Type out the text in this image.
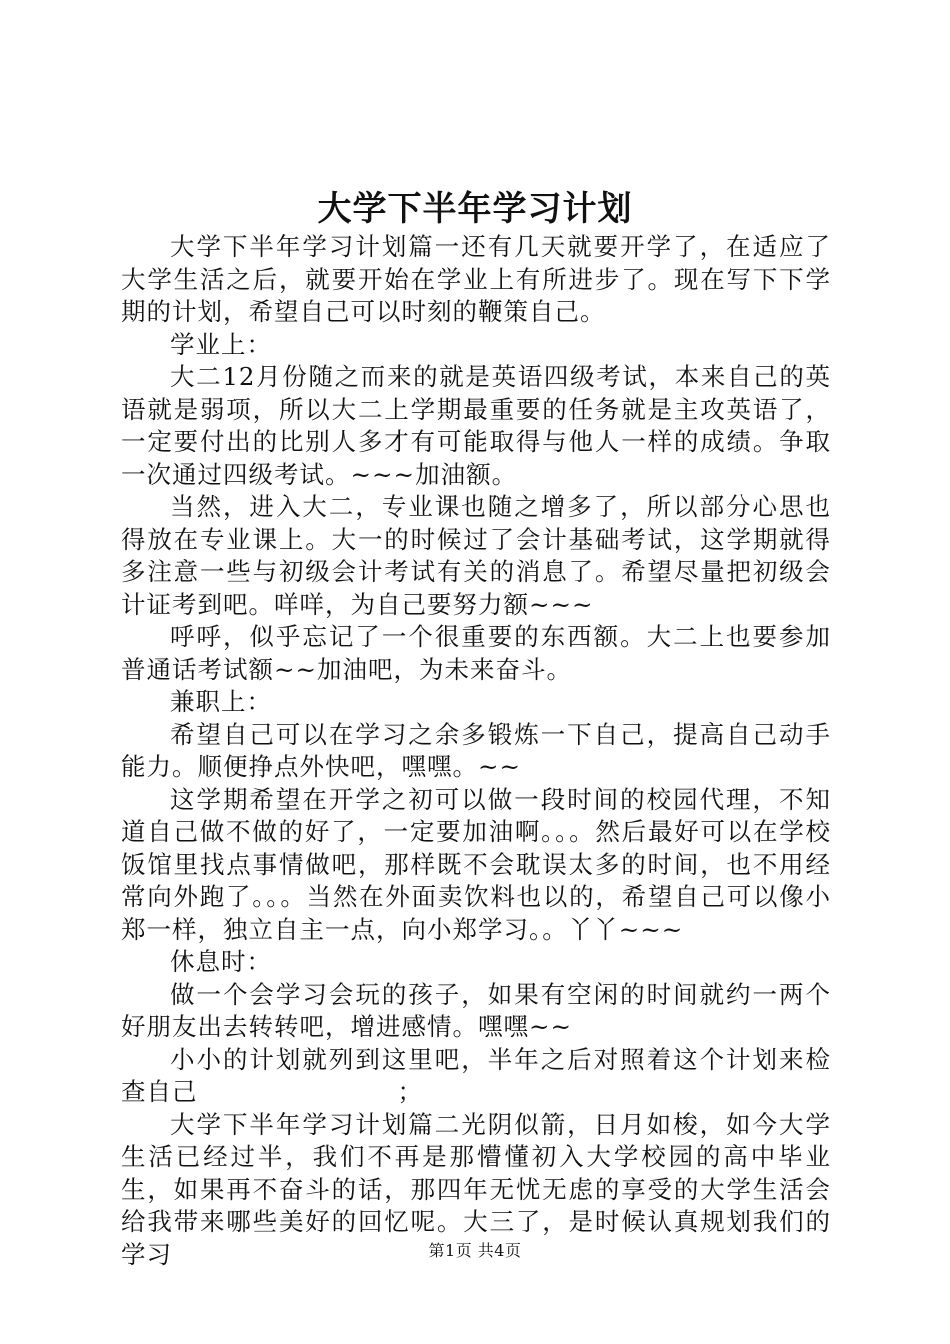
大学下半年学习计划

大学下半年学习计划篇一还有几天就要开学了，在适应了大学生活之后，就要开始在学业上有所进步了。现在写下下学期的计划，希望自己可以时刻的鞭策自己。

学业上：

大二12月份随之而来的就是英语四级考试，本来自己的英语就是弱项，所以大二上学期最重要的任务就是主攻英语了，一定要付出的比别人多才有可能取得与他人一样的成绩。争取一次通过四级考试。~~~加油额。

当然，进入大二，专业课也随之增多了，所以部分心思也得放在专业课上。大一的时候过了会计基础考试，这学期就得多注意一些与初级会计考试有关的消息了。希望尽量把初级会计证考到吧。咩咩，为自己要努力额~~~

呼呼，似乎忘记了一个很重要的东西额。大二上也要参加普通话考试额~~加油吧，为未来奋斗。

兼职上：

希望自己可以在学习之余多锻炼一下自己，提高自己动手能力。顺便挣点外快吧，嘿嘿。~~

这学期希望在开学之初可以做一段时间的校园代理，不知道自己做不做的好了，一定要加油啊。。。然后最好可以在学校饭馆里找点事情做吧，那样既不会耽误太多的时间，也不用经常向外跑了。。。当然在外面卖饮料也以的，希望自己可以像小郑一样，独立自主一点，向小郑学习。。丫丫~~~

休息时：

做一个会学习会玩的孩子，如果有空闲的时间就约一两个好朋友出去转转吧，增进感情。嘿嘿~~

小小的计划就列到这里吧，半年之后对照着这个计划来检查自己	；

大学下半年学习计划篇二光阴似箭，日月如梭，如今大学生活已经过半，我们不再是那懵懂初入大学校园的高中毕业生，如果再不奋斗的话，那四年无忧无虑的享受的大学生活会给我带来哪些美好的回忆呢。大三了，是时候认真规划我们的学习	第1页 共4页
